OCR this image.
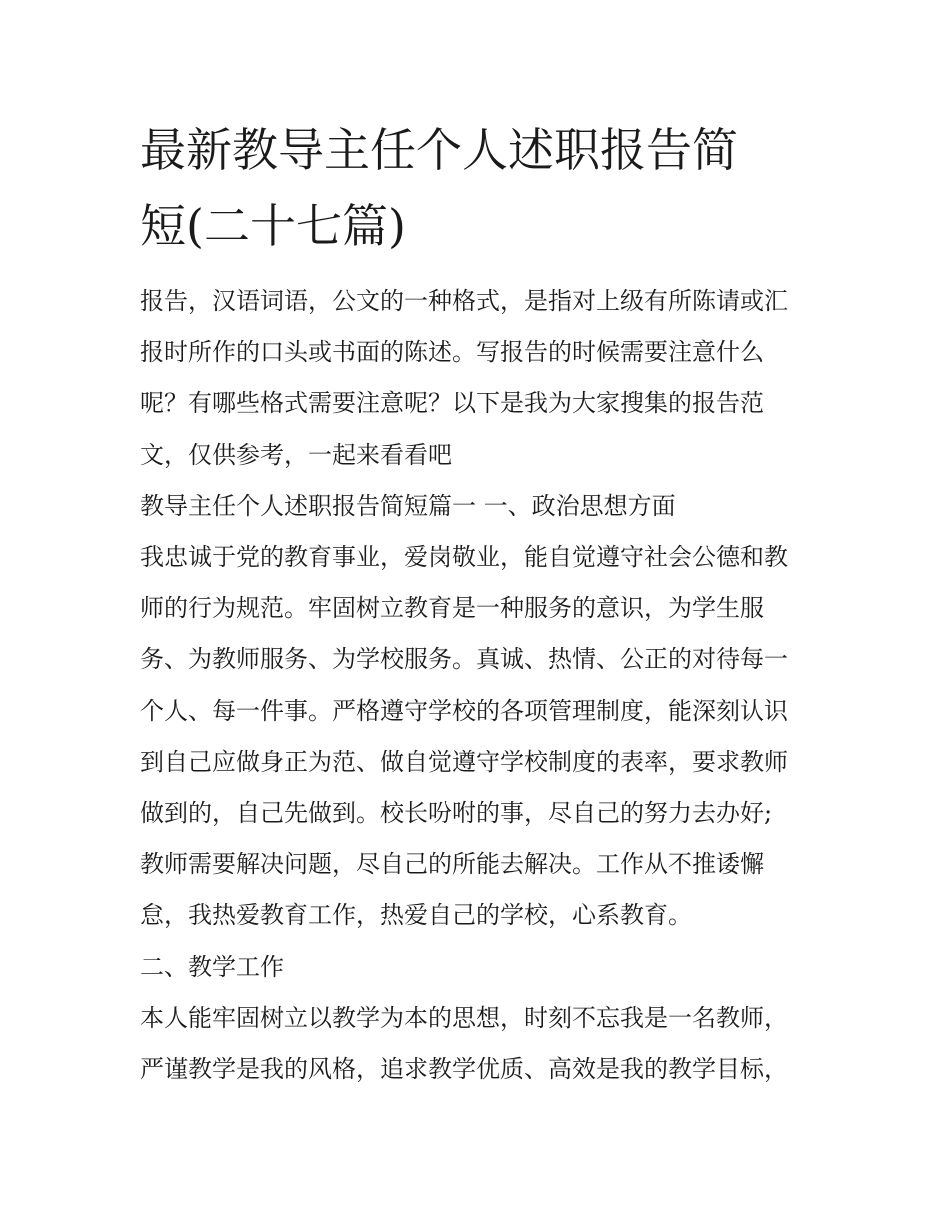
最新教导主任个人述职报告简
短(二十七篇)
报告，汉语词语，公文的一种格式，是指对上级有所陈请或汇
报时所作的口头或书面的陈述。写报告的时候需要注意什么
呢？有哪些格式需要注意呢？以下是我为大家搜集的报告范
文，仅供参考，一起来看看吧
教导主任个人述职报告简短篇一 一、政治思想方面
我忠诚于党的教育事业，爱岗敬业，能自觉遵守社会公德和教
师的行为规范。牢固树立教育是一种服务的意识，为学生服
务、为教师服务、为学校服务。真诚、热情、公正的对待每一
个人、每一件事。严格遵守学校的各项管理制度，能深刻认识
到自己应做身正为范、做自觉遵守学校制度的表率，要求教师
做到的，自己先做到。校长吩咐的事，尽自己的努力去办好;
教师需要解决问题，尽自己的所能去解决。工作从不推诿懈
怠，我热爱教育工作，热爱自己的学校，心系教育。
二、教学工作
本人能牢固树立以教学为本的思想，时刻不忘我是一名教师，
严谨教学是我的风格，追求教学优质、高效是我的教学目标，
